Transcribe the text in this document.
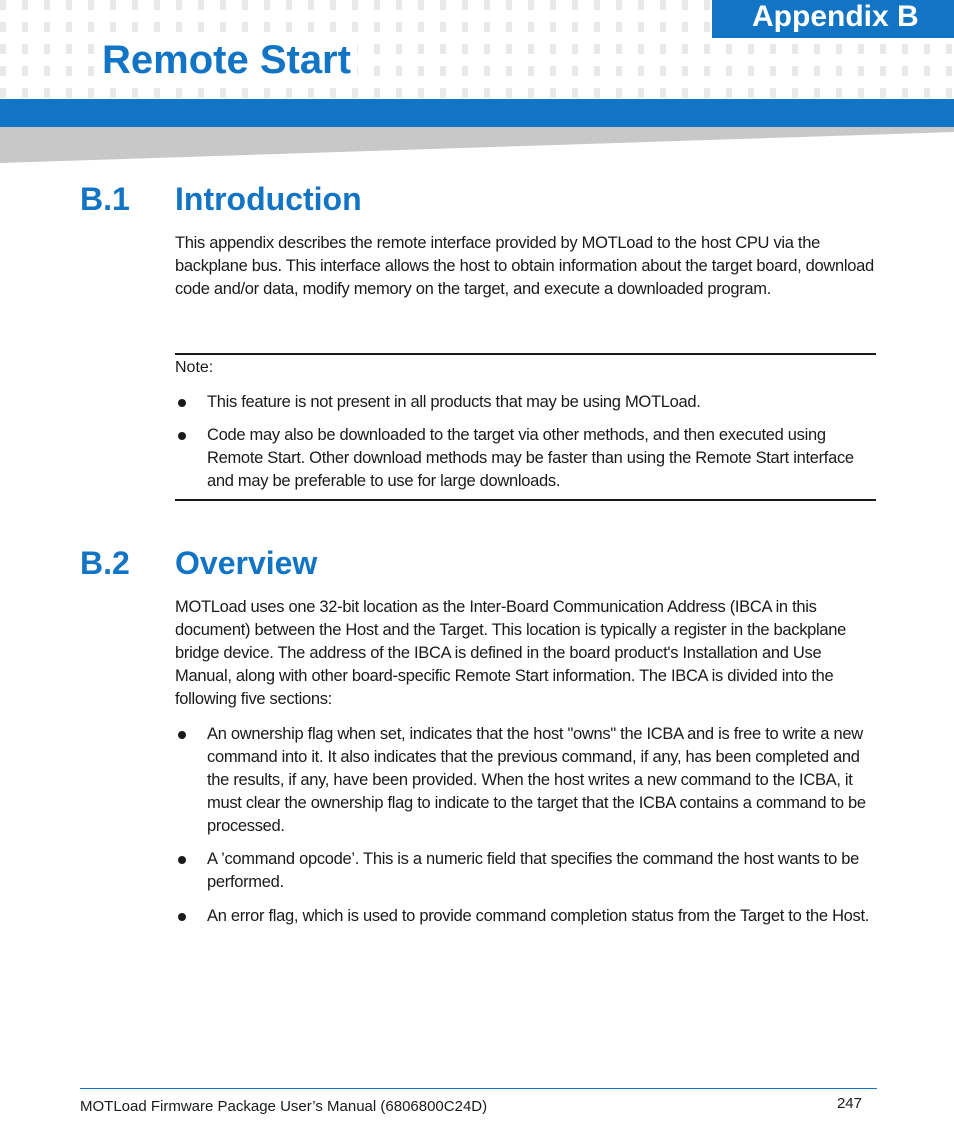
Appendix B
Remote Start
B.1 Introduction

This appendix describes the remote interface provided by MOTLoad to the host CPU via the backplane bus. This interface allows the host to obtain information about the target board, download code and/or data, modify memory on the target, and execute a downloaded program.

Note:

This feature is not present in all products that may be using MOTLoad.
Code may also be downloaded to the target via other methods, and then executed using Remote Start. Other download methods may be faster than using the Remote Start interface and may be preferable to use for large downloads.
B.2 Overview

MOTLoad uses one 32-bit location as the Inter-Board Communication Address (IBCA in this document) between the Host and the Target. This location is typically a register in the backplane bridge device. The address of the IBCA is defined in the board product's Installation and Use Manual, along with other board-specific Remote Start information. The IBCA is divided into the following five sections:

An ownership flag when set, indicates that the host "owns" the ICBA and is free to write a new command into it. It also indicates that the previous command, if any, has been completed and the results, if any, have been provided. When the host writes a new command to the ICBA, it must clear the ownership flag to indicate to the target that the ICBA contains a command to be processed.
A ’command opcode’. This is a numeric field that specifies the command the host wants to be performed.
An error flag, which is used to provide command completion status from the Target to the Host.
MOTLoad Firmware Package User’s Manual (6806800C24D)	247
